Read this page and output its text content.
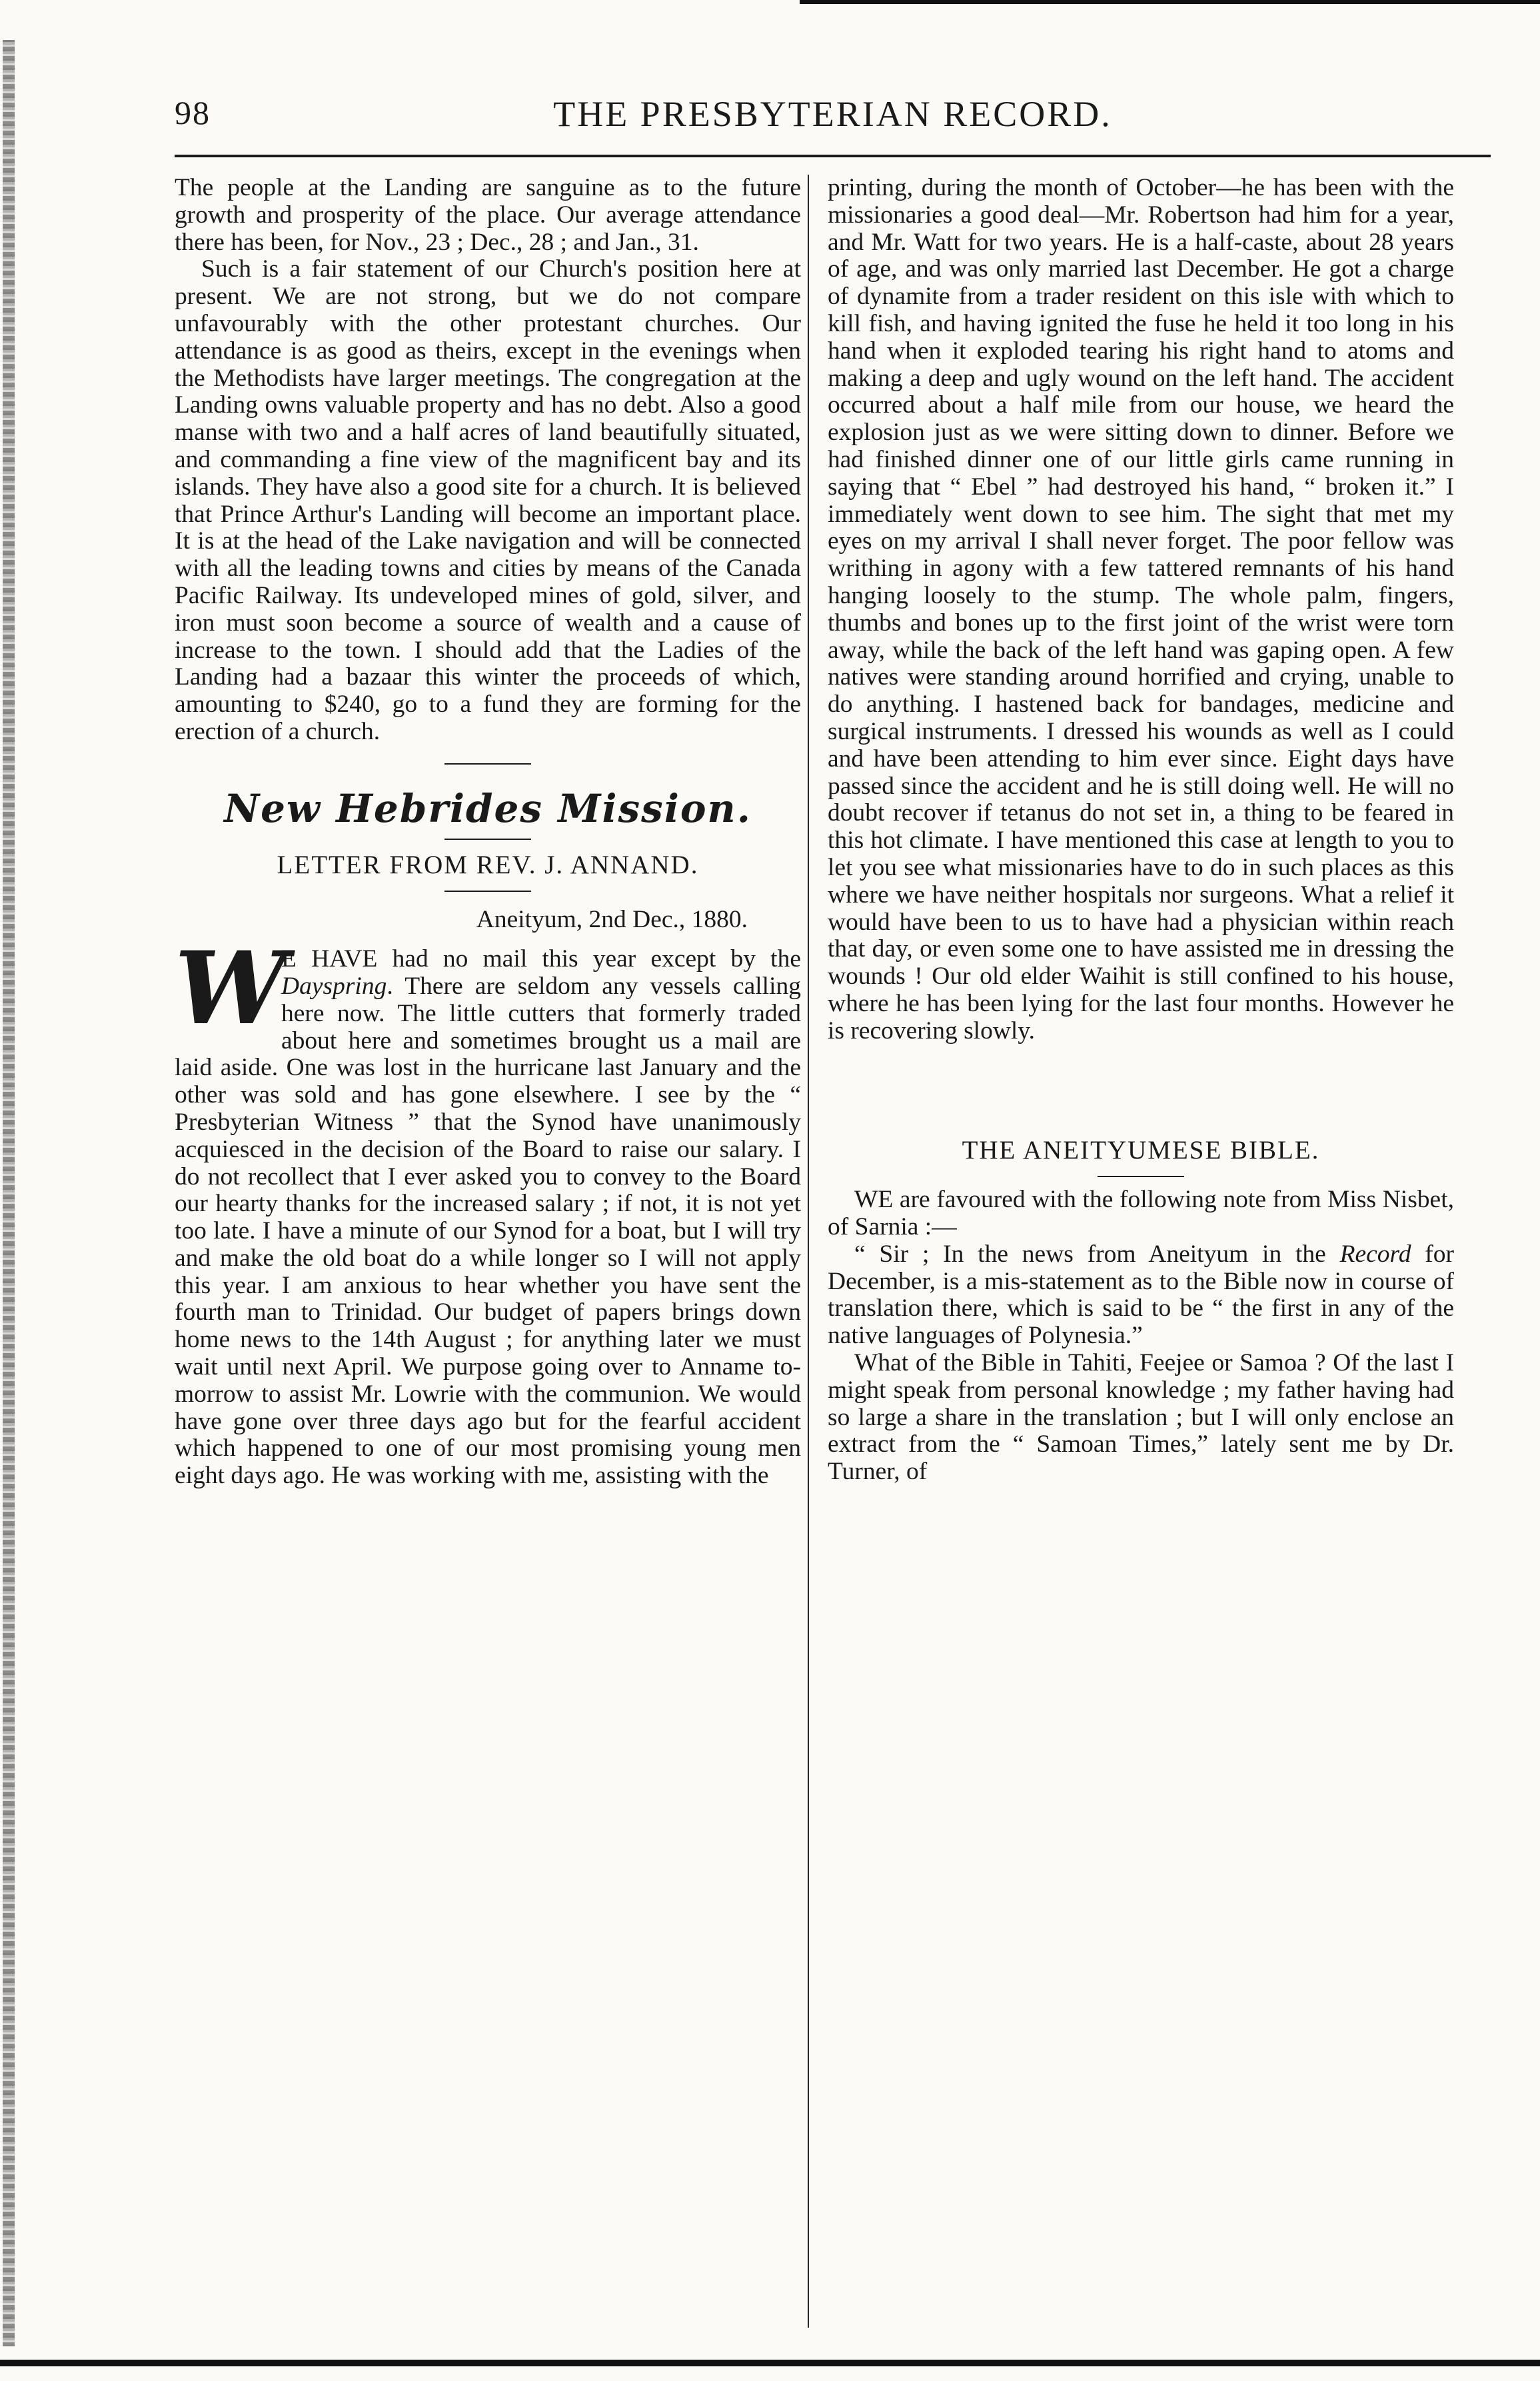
98	THE PRESBYTERIAN RECORD.

The people at the Landing are sanguine as to the future growth and prosperity of the place. Our average attendance there has been, for Nov., 23 ; Dec., 28 ; and Jan., 31.

Such is a fair statement of our Church's position here at present. We are not strong, but we do not compare unfavourably with the other protestant churches. Our attendance is as good as theirs, except in the evenings when the Methodists have larger meetings. The congregation at the Landing owns valuable property and has no debt. Also a good manse with two and a half acres of land beautifully situated, and commanding a fine view of the magnificent bay and its islands. They have also a good site for a church. It is believed that Prince Arthur's Landing will become an important place. It is at the head of the Lake navigation and will be connected with all the leading towns and cities by means of the Canada Pacific Railway. Its undeveloped mines of gold, silver, and iron must soon become a source of wealth and a cause of increase to the town. I should add that the Ladies of the Landing had a bazaar this winter the proceeds of which, amounting to $240, go to a fund they are forming for the erection of a church.

New Hebrides Mission.
LETTER FROM REV. J. ANNAND.
Aneityum, 2nd Dec., 1880.
W
E HAVE had no mail this year except by the Dayspring. There are seldom any vessels calling here now. The little cutters that formerly traded about here and sometimes brought us a mail are laid aside. One was lost in the hurricane last January and the other was sold and has gone elsewhere. I see by the “ Presbyterian Witness ” that the Synod have unanimously acquiesced in the decision of the Board to raise our salary. I do not recollect that I ever asked you to convey to the Board our hearty thanks for the increased salary ; if not, it is not yet too late. I have a minute of our Synod for a boat, but I will try and make the old boat do a while longer so I will not apply this year. I am anxious to hear whether you have sent the fourth man to Trinidad. Our budget of papers brings down home news to the 14th August ; for anything later we must wait until next April. We purpose going over to Anname to-morrow to assist Mr. Lowrie with the communion. We would have gone over three days ago but for the fearful accident which happened to one of our most promising young men eight days ago. He was working with me, assisting with the

printing, during the month of October—he has been with the missionaries a good deal—Mr. Robertson had him for a year, and Mr. Watt for two years. He is a half-caste, about 28 years of age, and was only married last December. He got a charge of dynamite from a trader resident on this isle with which to kill fish, and having ignited the fuse he held it too long in his hand when it exploded tearing his right hand to atoms and making a deep and ugly wound on the left hand. The accident occurred about a half mile from our house, we heard the explosion just as we were sitting down to dinner. Before we had finished dinner one of our little girls came running in saying that “ Ebel ” had destroyed his hand, “ broken it.” I immediately went down to see him. The sight that met my eyes on my arrival I shall never forget. The poor fellow was writhing in agony with a few tattered remnants of his hand hanging loosely to the stump. The whole palm, fingers, thumbs and bones up to the first joint of the wrist were torn away, while the back of the left hand was gaping open. A few natives were standing around horrified and crying, unable to do anything. I hastened back for bandages, medicine and surgical instruments. I dressed his wounds as well as I could and have been attending to him ever since. Eight days have passed since the accident and he is still doing well. He will no doubt recover if tetanus do not set in, a thing to be feared in this hot climate. I have mentioned this case at length to you to let you see what missionaries have to do in such places as this where we have neither hospitals nor surgeons. What a relief it would have been to us to have had a physician within reach that day, or even some one to have assisted me in dressing the wounds ! Our old elder Waihit is still confined to his house, where he has been lying for the last four months. However he is recovering slowly.

THE ANEITYUMESE BIBLE.

WE are favoured with the following note from Miss Nisbet, of Sarnia :—

“ Sir ; In the news from Aneityum in the Record for December, is a mis-statement as to the Bible now in course of translation there, which is said to be “ the first in any of the native languages of Polynesia.”

What of the Bible in Tahiti, Feejee or Samoa ? Of the last I might speak from personal knowledge ; my father having had so large a share in the translation ; but I will only enclose an extract from the “ Samoan Times,” lately sent me by Dr. Turner, of
